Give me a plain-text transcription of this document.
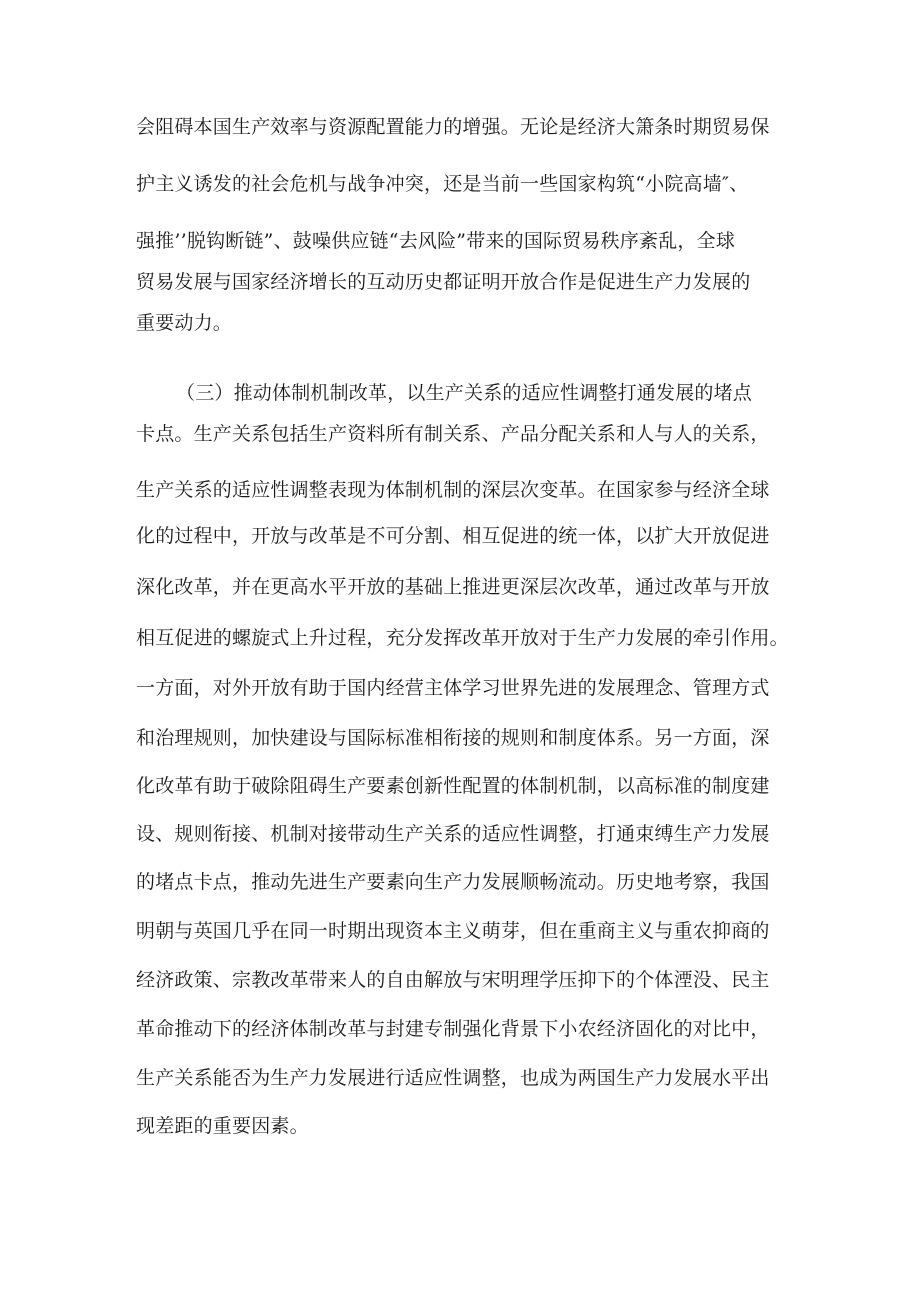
会阻碍本国生产效率与资源配置能力的增强。无论是经济大箫条时期贸易保
护主义诱发的社会危机与战争冲突，还是当前一些国家构筑“小院高墙″、
强推’’脱钩断链”、鼓噪供应链“去风险”带来的国际贸易秩序紊乱，全球
贸易发展与国家经济增长的互动历史都证明开放合作是促进生产力发展的
重要动力。
（三）推动体制机制改革，以生产关系的适应性调整打通发展的堵点
卡点。生产关系包括生产资料所有制关系、产品分配关系和人与人的关系，
生产关系的适应性调整表现为体制机制的深层次变革。在国家参与经济全球
化的过程中，开放与改革是不可分割、相互促进的统一体，以扩大开放促进
深化改革，并在更高水平开放的基础上推进更深层次改革，通过改革与开放
相互促进的螺旋式上升过程，充分发挥改革开放对于生产力发展的牵引作用。
一方面，对外开放有助于国内经营主体学习世界先进的发展理念、管理方式
和治理规则，加快建设与国际标准相衔接的规则和制度体系。另一方面，深
化改革有助于破除阻碍生产要素创新性配置的体制机制，以高标准的制度建
设、规则衔接、机制对接带动生产关系的适应性调整，打通束缚生产力发展
的堵点卡点，推动先进生产要素向生产力发展顺畅流动。历史地考察，我国
明朝与英国几乎在同一时期出现资本主义萌芽，但在重商主义与重农抑商的
经济政策、宗教改革带来人的自由解放与宋明理学压抑下的个体湮没、民主
革命推动下的经济体制改革与封建专制强化背景下小农经济固化的对比中，
生产关系能否为生产力发展进行适应性调整，也成为两国生产力发展水平出
现差距的重要因素。
